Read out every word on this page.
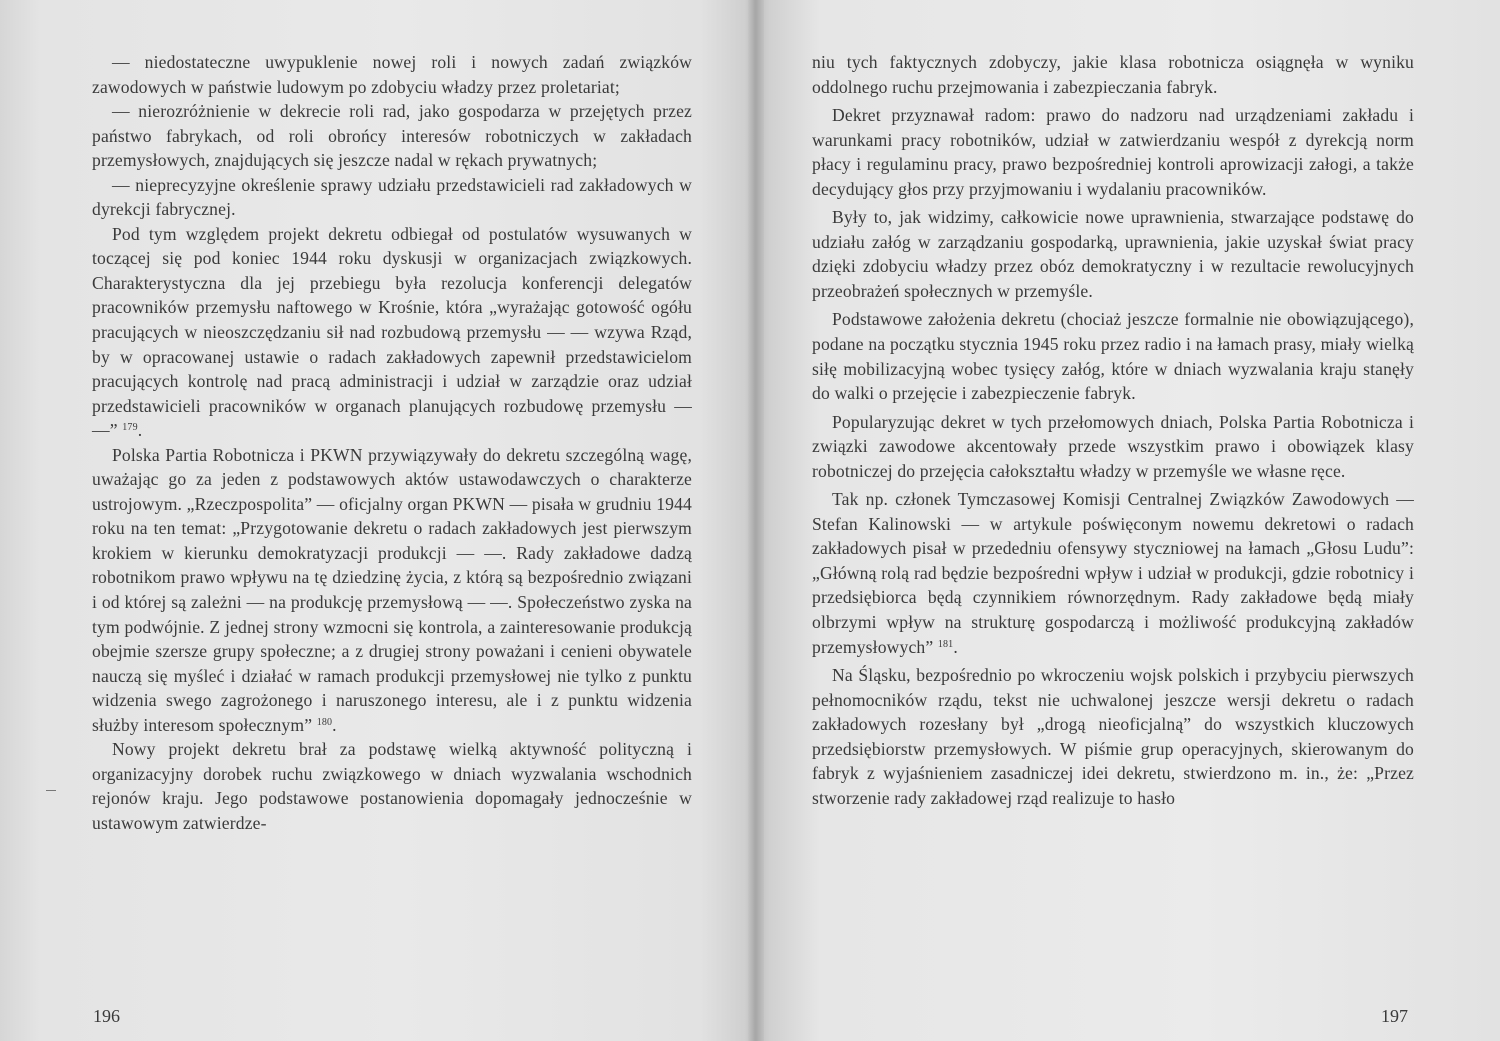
— niedostateczne uwypuklenie nowej roli i nowych zadań związków zawodowych w państwie ludowym po zdobyciu władzy przez proletariat;

— nierozróżnienie w dekrecie roli rad, jako gospodarza w przejętych przez państwo fabrykach, od roli obrońcy interesów robotniczych w zakładach przemysłowych, znajdujących się jeszcze nadal w rękach prywatnych;

— nieprecyzyjne określenie sprawy udziału przedstawicieli rad zakładowych w dyrekcji fabrycznej.

Pod tym względem projekt dekretu odbiegał od postulatów wysuwanych w toczącej się pod koniec 1944 roku dyskusji w organizacjach związkowych. Charakterystyczna dla jej przebiegu była rezolucja konferencji delegatów pracowników przemysłu naftowego w Krośnie, która „wyrażając gotowość ogółu pracujących w nieoszczędzaniu sił nad rozbudową przemysłu — — wzywa Rząd, by w opracowanej ustawie o radach zakładowych zapewnił przedstawicielom pracujących kontrolę nad pracą administracji i udział w zarządzie oraz udział przedstawicieli pracowników w organach planujących rozbudowę przemysłu — —” $^{179}$.

Polska Partia Robotnicza i PKWN przywiązywały do dekretu szczególną wagę, uważając go za jeden z podstawowych aktów ustawodawczych o charakterze ustrojowym. „Rzeczpospolita” — oficjalny organ PKWN — pisała w grudniu 1944 roku na ten temat: „Przygotowanie dekretu o radach zakładowych jest pierwszym krokiem w kierunku demokratyzacji produkcji — —. Rady zakładowe dadzą robotnikom prawo wpływu na tę dziedzinę życia, z którą są bezpośrednio związani i od której są zależni — na produkcję przemysłową — —. Społeczeństwo zyska na tym podwójnie. Z jednej strony wzmocni się kontrola, a zainteresowanie produkcją obejmie szersze grupy społeczne; a z drugiej strony poważani i cenieni obywatele nauczą się myśleć i działać w ramach produkcji przemysłowej nie tylko z punktu widzenia swego zagrożonego i naruszonego interesu, ale i z punktu widzenia służby interesom społecznym” $^{180}$.

Nowy projekt dekretu brał za podstawę wielką aktywność polityczną i organizacyjny dorobek ruchu związkowego w dniach wyzwalania wschodnich rejonów kraju. Jego podstawowe postanowienia dopomagały jednocześnie w ustawowym zatwierdze-

niu tych faktycznych zdobyczy, jakie klasa robotnicza osiągnęła w wyniku oddolnego ruchu przejmowania i zabezpieczania fabryk.

Dekret przyznawał radom: prawo do nadzoru nad urządzeniami zakładu i warunkami pracy robotników, udział w zatwierdzaniu wespół z dyrekcją norm płacy i regulaminu pracy, prawo bezpośredniej kontroli aprowizacji załogi, a także decydujący głos przy przyjmowaniu i wydalaniu pracowników.

Były to, jak widzimy, całkowicie nowe uprawnienia, stwarzające podstawę do udziału załóg w zarządzaniu gospodarką, uprawnienia, jakie uzyskał świat pracy dzięki zdobyciu władzy przez obóz demokratyczny i w rezultacie rewolucyjnych przeobrażeń społecznych w przemyśle.

Podstawowe założenia dekretu (chociaż jeszcze formalnie nie obowiązującego), podane na początku stycznia 1945 roku przez radio i na łamach prasy, miały wielką siłę mobilizacyjną wobec tysięcy załóg, które w dniach wyzwalania kraju stanęły do walki o przejęcie i zabezpieczenie fabryk.

Popularyzując dekret w tych przełomowych dniach, Polska Partia Robotnicza i związki zawodowe akcentowały przede wszystkim prawo i obowiązek klasy robotniczej do przejęcia całokształtu władzy w przemyśle we własne ręce.

Tak np. członek Tymczasowej Komisji Centralnej Związków Zawodowych — Stefan Kalinowski — w artykule poświęconym nowemu dekretowi o radach zakładowych pisał w przededniu ofensywy styczniowej na łamach „Głosu Ludu”: „Główną rolą rad będzie bezpośredni wpływ i udział w produkcji, gdzie robotnicy i przedsiębiorca będą czynnikiem równorzędnym. Rady zakładowe będą miały olbrzymi wpływ na strukturę gospodarczą i możliwość produkcyjną zakładów przemysłowych” $^{181}$.

Na Śląsku, bezpośrednio po wkroczeniu wojsk polskich i przybyciu pierwszych pełnomocników rządu, tekst nie uchwalonej jeszcze wersji dekretu o radach zakładowych rozesłany był „drogą nieoficjalną” do wszystkich kluczowych przedsiębiorstw przemysłowych. W piśmie grup operacyjnych, skierowanym do fabryk z wyjaśnieniem zasadniczej idei dekretu, stwierdzono m. in., że: „Przez stworzenie rady zakładowej rząd realizuje to hasło

196	197
